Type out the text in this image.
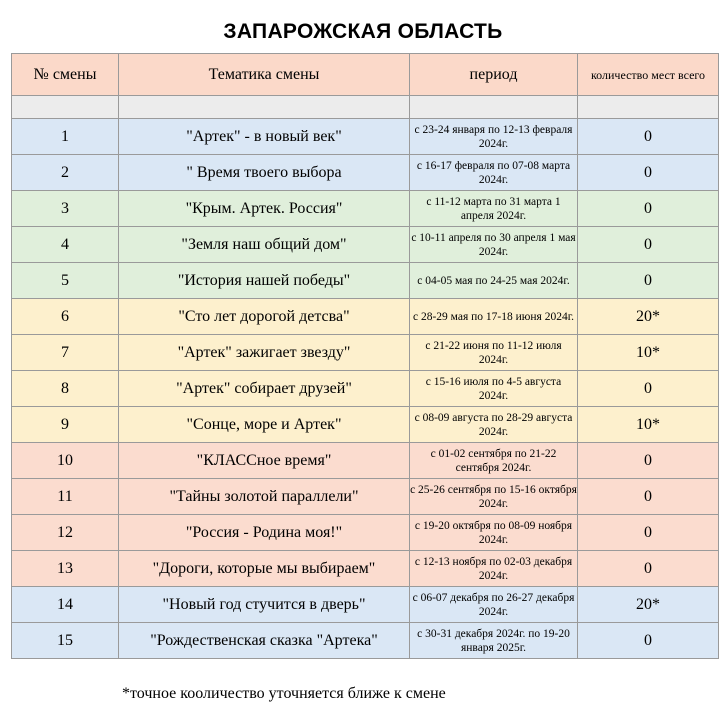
ЗАПАРОЖСКАЯ ОБЛАСТЬ
№ смены	Тематика смены	период	количество мест всего

1	"Артек" - в новый век"	с 23-24 января по 12-13 февраля 2024г.	0
2	" Время твоего выбора	с 16-17 февраля по 07-08 марта 2024г.	0
3	"Крым. Артек. Россия"	с 11-12 марта по 31 марта 1 апреля 2024г.	0
4	"Земля наш общий дом"	с 10-11 апреля по 30 апреля 1 мая 2024г.	0
5	"История нашей победы"	с 04-05 мая по 24-25 мая 2024г.	0
6	"Сто лет дорогой детсва"	с 28-29 мая по 17-18 июня 2024г.	20*
7	"Артек" зажигает звезду"	с 21-22 июня по 11-12 июля 2024г.	10*
8	"Артек" собирает друзей"	с 15-16 июля по 4-5 августа 2024г.	0
9	"Сонце, море и Артек"	с 08-09 августа по 28-29 августа 2024г.	10*
10	"КЛАССное время"	с 01-02 сентября по 21-22 сентября 2024г.	0
11	"Тайны золотой параллели"	с 25-26 сентября по 15-16 октября 2024г.	0
12	"Россия - Родина моя!"	с 19-20 октября по 08-09 ноября 2024г.	0
13	"Дороги, которые мы выбираем"	с 12-13 ноября по 02-03 декабря 2024г.	0
14	"Новый год стучится в дверь"	с 06-07 декабря по 26-27 декабря 2024г.	20*
15	"Рождественская сказка "Артека"	с 30-31 декабря 2024г. по 19-20 января 2025г.	0
*точное кооличество уточняется ближе к смене
